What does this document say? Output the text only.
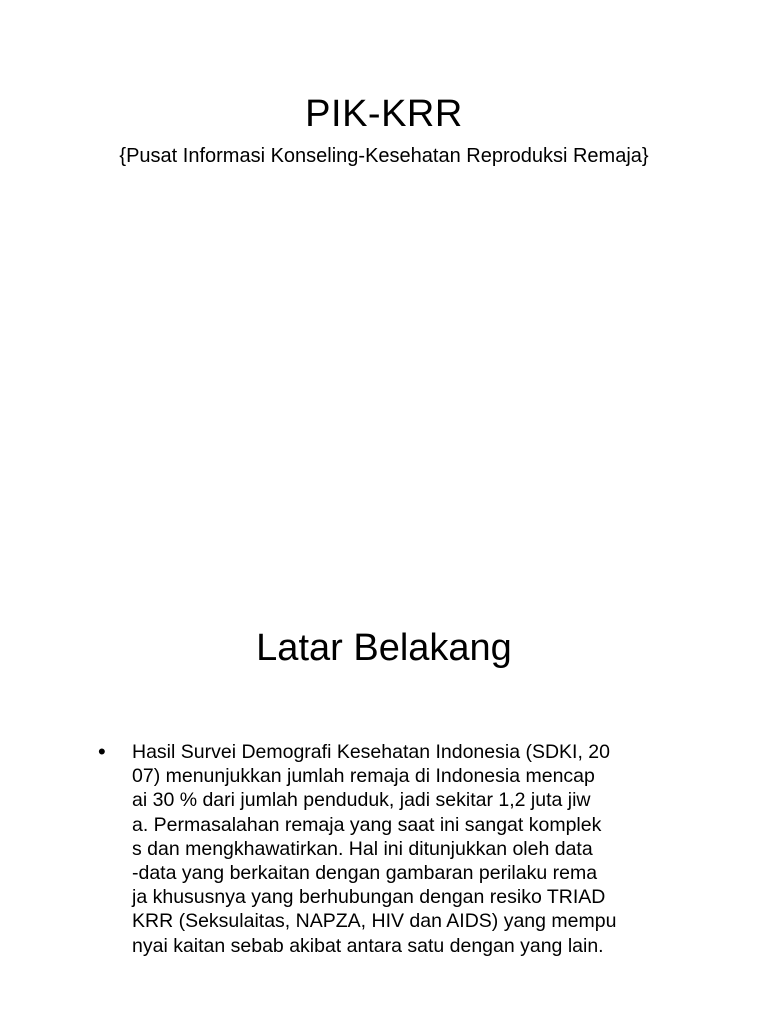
PIK-KRR
{Pusat Informasi Konseling-Kesehatan Reproduksi Remaja}
Latar Belakang
• Hasil Survei Demografi Kesehatan Indonesia (SDKI, 20
07) menunjukkan jumlah remaja di Indonesia mencap
ai 30 % dari jumlah penduduk, jadi sekitar 1,2 juta jiw
a. Permasalahan remaja yang saat ini sangat komplek
s dan mengkhawatirkan. Hal ini ditunjukkan oleh data
-data yang berkaitan dengan gambaran perilaku rema
ja khususnya yang berhubungan dengan resiko TRIAD
KRR (Seksulaitas, NAPZA, HIV dan AIDS) yang mempu
nyai kaitan sebab akibat antara satu dengan yang lain.
